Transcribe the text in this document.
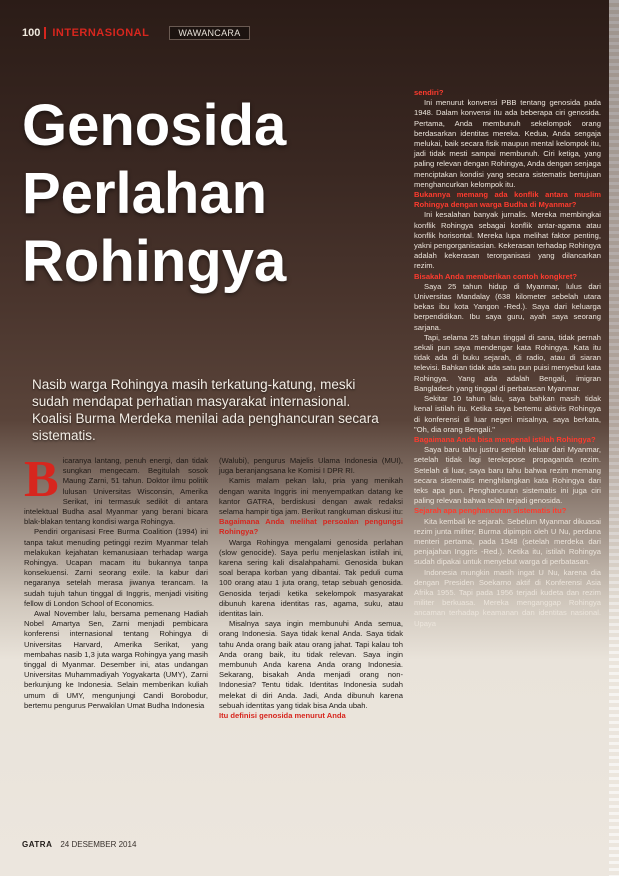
100	INTERNASIONAL	WAWANCARA
Genosida
Perlahan
Rohingya
Nasib warga Rohingya masih terkatung-katung, meski sudah mendapat perhatian masyarakat internasional. Koalisi Burma Merdeka menilai ada penghancuran secara sistematis.

sendiri?

Ini menurut konvensi PBB tentang genosida pada 1948. Dalam konvensi itu ada beberapa ciri genosida. Pertama, Anda membunuh sekelompok orang berdasarkan identitas mereka. Kedua, Anda sengaja melukai, baik secara fisik maupun mental kelompok itu, jadi tidak mesti sampai membunuh. Ciri ketiga, yang paling relevan dengan Rohingya, Anda dengan senjaga menciptakan kondisi yang secara sistematis bertujuan menghancurkan kelompok itu.

Bukannya memang ada konflik antara muslim Rohingya dengan warga Budha di Myanmar?

Ini kesalahan banyak jurnalis. Mereka membingkai konflik Rohingya sebagai konflik antar-agama atau konflik horisontal. Mereka lupa melihat faktor penting, yakni pengorganisasian. Kekerasan terhadap Rohingya adalah kekerasan terorganisasi yang dilancarkan rezim.

Bisakah Anda memberikan contoh kongkret?

Saya 25 tahun hidup di Myanmar, lulus dari Universitas Mandalay (638 kilometer sebelah utara bekas ibu kota Yangon -Red.). Saya dari keluarga berpendidikan. Ibu saya guru, ayah saya seorang sarjana.

Tapi, selama 25 tahun tinggal di sana, tidak pernah sekali pun saya mendengar kata Rohingya. Kata itu tidak ada di buku sejarah, di radio, atau di siaran televisi. Bahkan tidak ada satu pun puisi menyebut kata Rohingya. Yang ada adalah Bengali, imigran Bangladesh yang tinggal di perbatasan Myanmar.

Sekitar 10 tahun lalu, saya bahkan masih tidak kenal istilah itu. Ketika saya bertemu aktivis Rohingya di konferensi di luar negeri misalnya, saya berkata, "Oh, dia orang Bengali."

Bagaimana Anda bisa mengenal istilah Rohingya?

Saya baru tahu justru setelah keluar dari Myanmar, setelah tidak lagi terekspose propaganda rezim. Setelah di luar, saya baru tahu bahwa rezim memang secara sistematis menghilangkan kata Rohingya dari teks apa pun. Penghancuran sistematis ini juga ciri paling relevan bahwa telah terjadi genosida.

Sejarah apa penghancuran sistematis itu?

Kita kembali ke sejarah. Sebelum Myanmar dikuasai rezim junta militer, Burma dipimpin oleh U Nu, perdana menteri pertama, pada 1948 (setelah merdeka dari penjajahan Inggris -Red.). Ketika itu, istilah Rohingya sudah dipakai untuk menyebut warga di perbatasan.

Indonesia mungkin masih ingat U Nu, karena dia dengan Presiden Soekarno aktif di Konferensi Asia Afrika 1955. Tapi pada 1956 terjadi kudeta dan rezim militer berkuasa. Mereka menganggap Rohingya ancaman terhadap keamanan dan identitas nasional. Upaya

Bicaranya lantang, penuh energi, dan tidak sungkan mengecam. Begitulah sosok Maung Zarni, 51 tahun. Doktor ilmu politik lulusan Universitas Wisconsin, Amerika Serikat, ini termasuk sedikit di antara intelektual Budha asal Myanmar yang berani bicara blak-blakan tentang kondisi warga Rohingya.

Pendiri organisasi Free Burma Coalition (1994) ini tanpa takut menuding petinggi rezim Myanmar telah melakukan kejahatan kemanusiaan terhadap warga Rohingya. Ucapan macam itu bukannya tanpa konsekuensi. Zarni seorang exile. Ia kabur dari negaranya setelah merasa jiwanya terancam. Ia sudah tujuh tahun tinggal di Inggris, menjadi visiting fellow di London School of Economics.

Awal November lalu, bersama pemenang Hadiah Nobel Amartya Sen, Zarni menjadi pembicara konferensi internasional tentang Rohingya di Universitas Harvard, Amerika Serikat, yang membahas nasib 1,3 juta warga Rohingya yang masih tinggal di Myanmar. Desember ini, atas undangan Universitas Muhammadiyah Yogyakarta (UMY), Zarni berkunjung ke Indonesia. Selain memberikan kuliah umum di UMY, mengunjungi Candi Borobodur, bertemu pengurus Perwakilan Umat Budha Indonesia

(Walubi), pengurus Majelis Ulama Indonesia (MUI), juga beranjangsana ke Komisi I DPR RI.

Kamis malam pekan lalu, pria yang menikah dengan wanita Inggris ini menyempatkan datang ke kantor GATRA, berdiskusi dengan awak redaksi selama hampir tiga jam. Berikut rangkuman diskusi itu:

Bagaimana Anda melihat persoalan pengungsi Rohingya?

Warga Rohingya mengalami genosida perlahan (slow genocide). Saya perlu menjelaskan istilah ini, karena sering kali disalahpahami. Genosida bukan soal berapa korban yang dibantai. Tak peduli cuma 100 orang atau 1 juta orang, tetap sebuah genosida. Genosida terjadi ketika sekelompok masyarakat dibunuh karena identitas ras, agama, suku, atau identitas lain.

Misalnya saya ingin membunuhi Anda semua, orang Indonesia. Saya tidak kenal Anda. Saya tidak tahu Anda orang baik atau orang jahat. Tapi kalau toh Anda orang baik, itu tidak relevan. Saya ingin membunuh Anda karena Anda orang Indonesia. Sekarang, bisakah Anda menjadi orang non-Indonesia? Tentu tidak. Identitas Indonesia sudah melekat di diri Anda. Jadi, Anda dibunuh karena sebuah identitas yang tidak bisa Anda ubah.

Itu definisi genosida menurut Anda

GATRA 24 DESEMBER 2014
